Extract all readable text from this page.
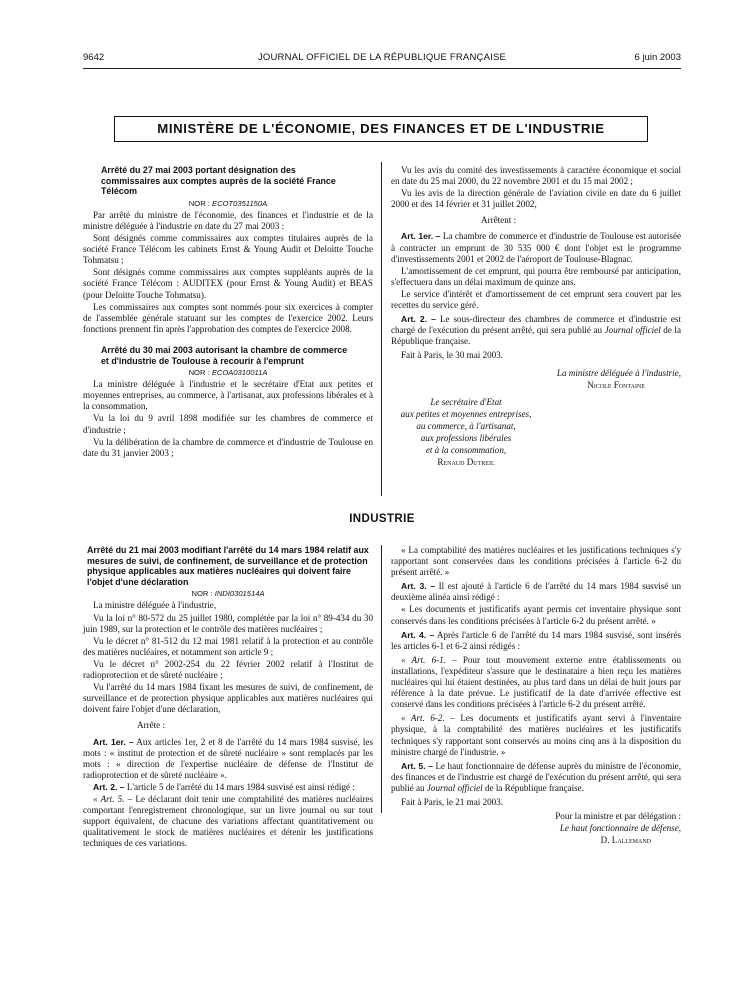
9642	JOURNAL OFFICIEL DE LA RÉPUBLIQUE FRANÇAISE	6 juin 2003
MINISTÈRE DE L'ÉCONOMIE, DES FINANCES ET DE L'INDUSTRIE

Arrêté du 27 mai 2003 portant désignation des commissaires aux comptes auprès de la société France Télécom

NOR : ECOT0351150A

Par arrêté du ministre de l'économie, des finances et l'industrie et de la ministre déléguée à l'industrie en date du 27 mai 2003 :

Sont désignés comme commissaires aux comptes titulaires auprès de la société France Télécom les cabinets Ernst & Young Audit et Deloitte Touche Tohmatsu ;

Sont désignés comme commissaires aux comptes suppléants auprès de la société France Télécom : AUDITEX (pour Ernst & Young Audit) et BEAS (pour Deloitte Touche Tohmatsu).

Les commissaires aux comptes sont nommés pour six exercices à compter de l'assemblée générale statuant sur les comptes de l'exercice 2002. Leurs fonctions prennent fin après l'approbation des comptes de l'exercice 2008.

Arrêté du 30 mai 2003 autorisant la chambre de commerce et d'industrie de Toulouse à recourir à l'emprunt

NOR : ECOA0310011A

La ministre déléguée à l'industrie et le secrétaire d'Etat aux petites et moyennes entreprises, au commerce, à l'artisanat, aux professions libérales et à la consommation,

Vu la loi du 9 avril 1898 modifiée sur les chambres de commerce et d'industrie ;

Vu la délibération de la chambre de commerce et d'industrie de Toulouse en date du 31 janvier 2003 ;

Vu les avis du comité des investissements à caractère économique et social en date du 25 mai 2000, du 22 novembre 2001 et du 15 mai 2002 ;

Vu les avis de la direction générale de l'aviation civile en date du 6 juillet 2000 et des 14 février et 31 juillet 2002,

Arrêtent :

Art. 1er. – La chambre de commerce et d'industrie de Toulouse est autorisée à contracter un emprunt de 30 535 000 € dont l'objet est le programme d'investissements 2001 et 2002 de l'aéroport de Toulouse-Blagnac.

L'amortissement de cet emprunt, qui pourra être remboursé par anticipation, s'effectuera dans un délai maximum de quinze ans.

Le service d'intérêt et d'amortissement de cet emprunt sera couvert par les recettes du service géré.

Art. 2. – Le sous-directeur des chambres de commerce et d'industrie est chargé de l'exécution du présent arrêté, qui sera publié au Journal officiel de la République française.

Fait à Paris, le 30 mai 2003.

La ministre déléguée à l'industrie,

Nicole Fontaine

Le secrétaire d'Etat

aux petites et moyennes entreprises,

au commerce, à l'artisanat,

aux professions libérales

et à la consommation,

Renaud Dutreil

INDUSTRIE

Arrêté du 21 mai 2003 modifiant l'arrêté du 14 mars 1984 relatif aux mesures de suivi, de confinement, de surveillance et de protection physique applicables aux matières nucléaires qui doivent faire l'objet d'une déclaration

NOR : INDI0301514A

La ministre déléguée à l'industrie,

Vu la loi n° 80-572 du 25 juillet 1980, complétée par la loi n° 89-434 du 30 juin 1989, sur la protection et le contrôle des matières nucléaires ;

Vu le décret n° 81-512 du 12 mai 1981 relatif à la protection et au contrôle des matières nucléaires, et notamment son article 9 ;

Vu le décret n° 2002-254 du 22 février 2002 relatif à l'Institut de radioprotection et de sûreté nucléaire ;

Vu l'arrêté du 14 mars 1984 fixant les mesures de suivi, de confinement, de surveillance et de protection physique applicables aux matières nucléaires qui doivent faire l'objet d'une déclaration,

Arrête :

Art. 1er. – Aux articles 1er, 2 et 8 de l'arrêté du 14 mars 1984 susvisé, les mots : « institut de protection et de sûreté nucléaire » sont remplacés par les mots : « direction de l'expertise nucléaire de défense de l'Institut de radioprotection et de sûreté nucléaire ».

Art. 2. – L'article 5 de l'arrêté du 14 mars 1984 susvisé est ainsi rédigé :

« Art. 5. – Le déclarant doit tenir une comptabilité des matières nucléaires comportant l'enregistrement chronologique, sur un livre journal ou sur tout support équivalent, de chacune des variations affectant quantitativement ou qualitativement le stock de matières nucléaires et détenir les justifications techniques de ces variations.

« La comptabilité des matières nucléaires et les justifications techniques s'y rapportant sont conservées dans les conditions précisées à l'article 6-2 du présent arrêté. »

Art. 3. – Il est ajouté à l'article 6 de l'arrêté du 14 mars 1984 susvisé un deuxième alinéa ainsi rédigé :

« Les documents et justificatifs ayant permis cet inventaire physique sont conservés dans les conditions précisées à l'article 6-2 du présent arrêté. »

Art. 4. – Après l'article 6 de l'arrêté du 14 mars 1984 susvisé, sont insérés les articles 6-1 et 6-2 ainsi rédigés :

« Art. 6-1. – Pour tout mouvement externe entre établissements ou installations, l'expéditeur s'assure que le destinataire a bien reçu les matières nucléaires qui lui étaient destinées, au plus tard dans un délai de huit jours par référence à la date prévue. Le justificatif de la date d'arrivée effective est conservé dans les conditions précisées à l'article 6-2 du présent arrêté.

« Art. 6-2. – Les documents et justificatifs ayant servi à l'inventaire physique, à la comptabilité des matières nucléaires et les justificatifs techniques s'y rapportant sont conservés au moins cinq ans à la disposition du ministre chargé de l'industrie. »

Art. 5. – Le haut fonctionnaire de défense auprès du ministre de l'économie, des finances et de l'industrie est chargé de l'exécution du présent arrêté, qui sera publié au Journal officiel de la République française.

Fait à Paris, le 21 mai 2003.

Pour la ministre et par délégation :

Le haut fonctionnaire de défense,

D. Lallemand
